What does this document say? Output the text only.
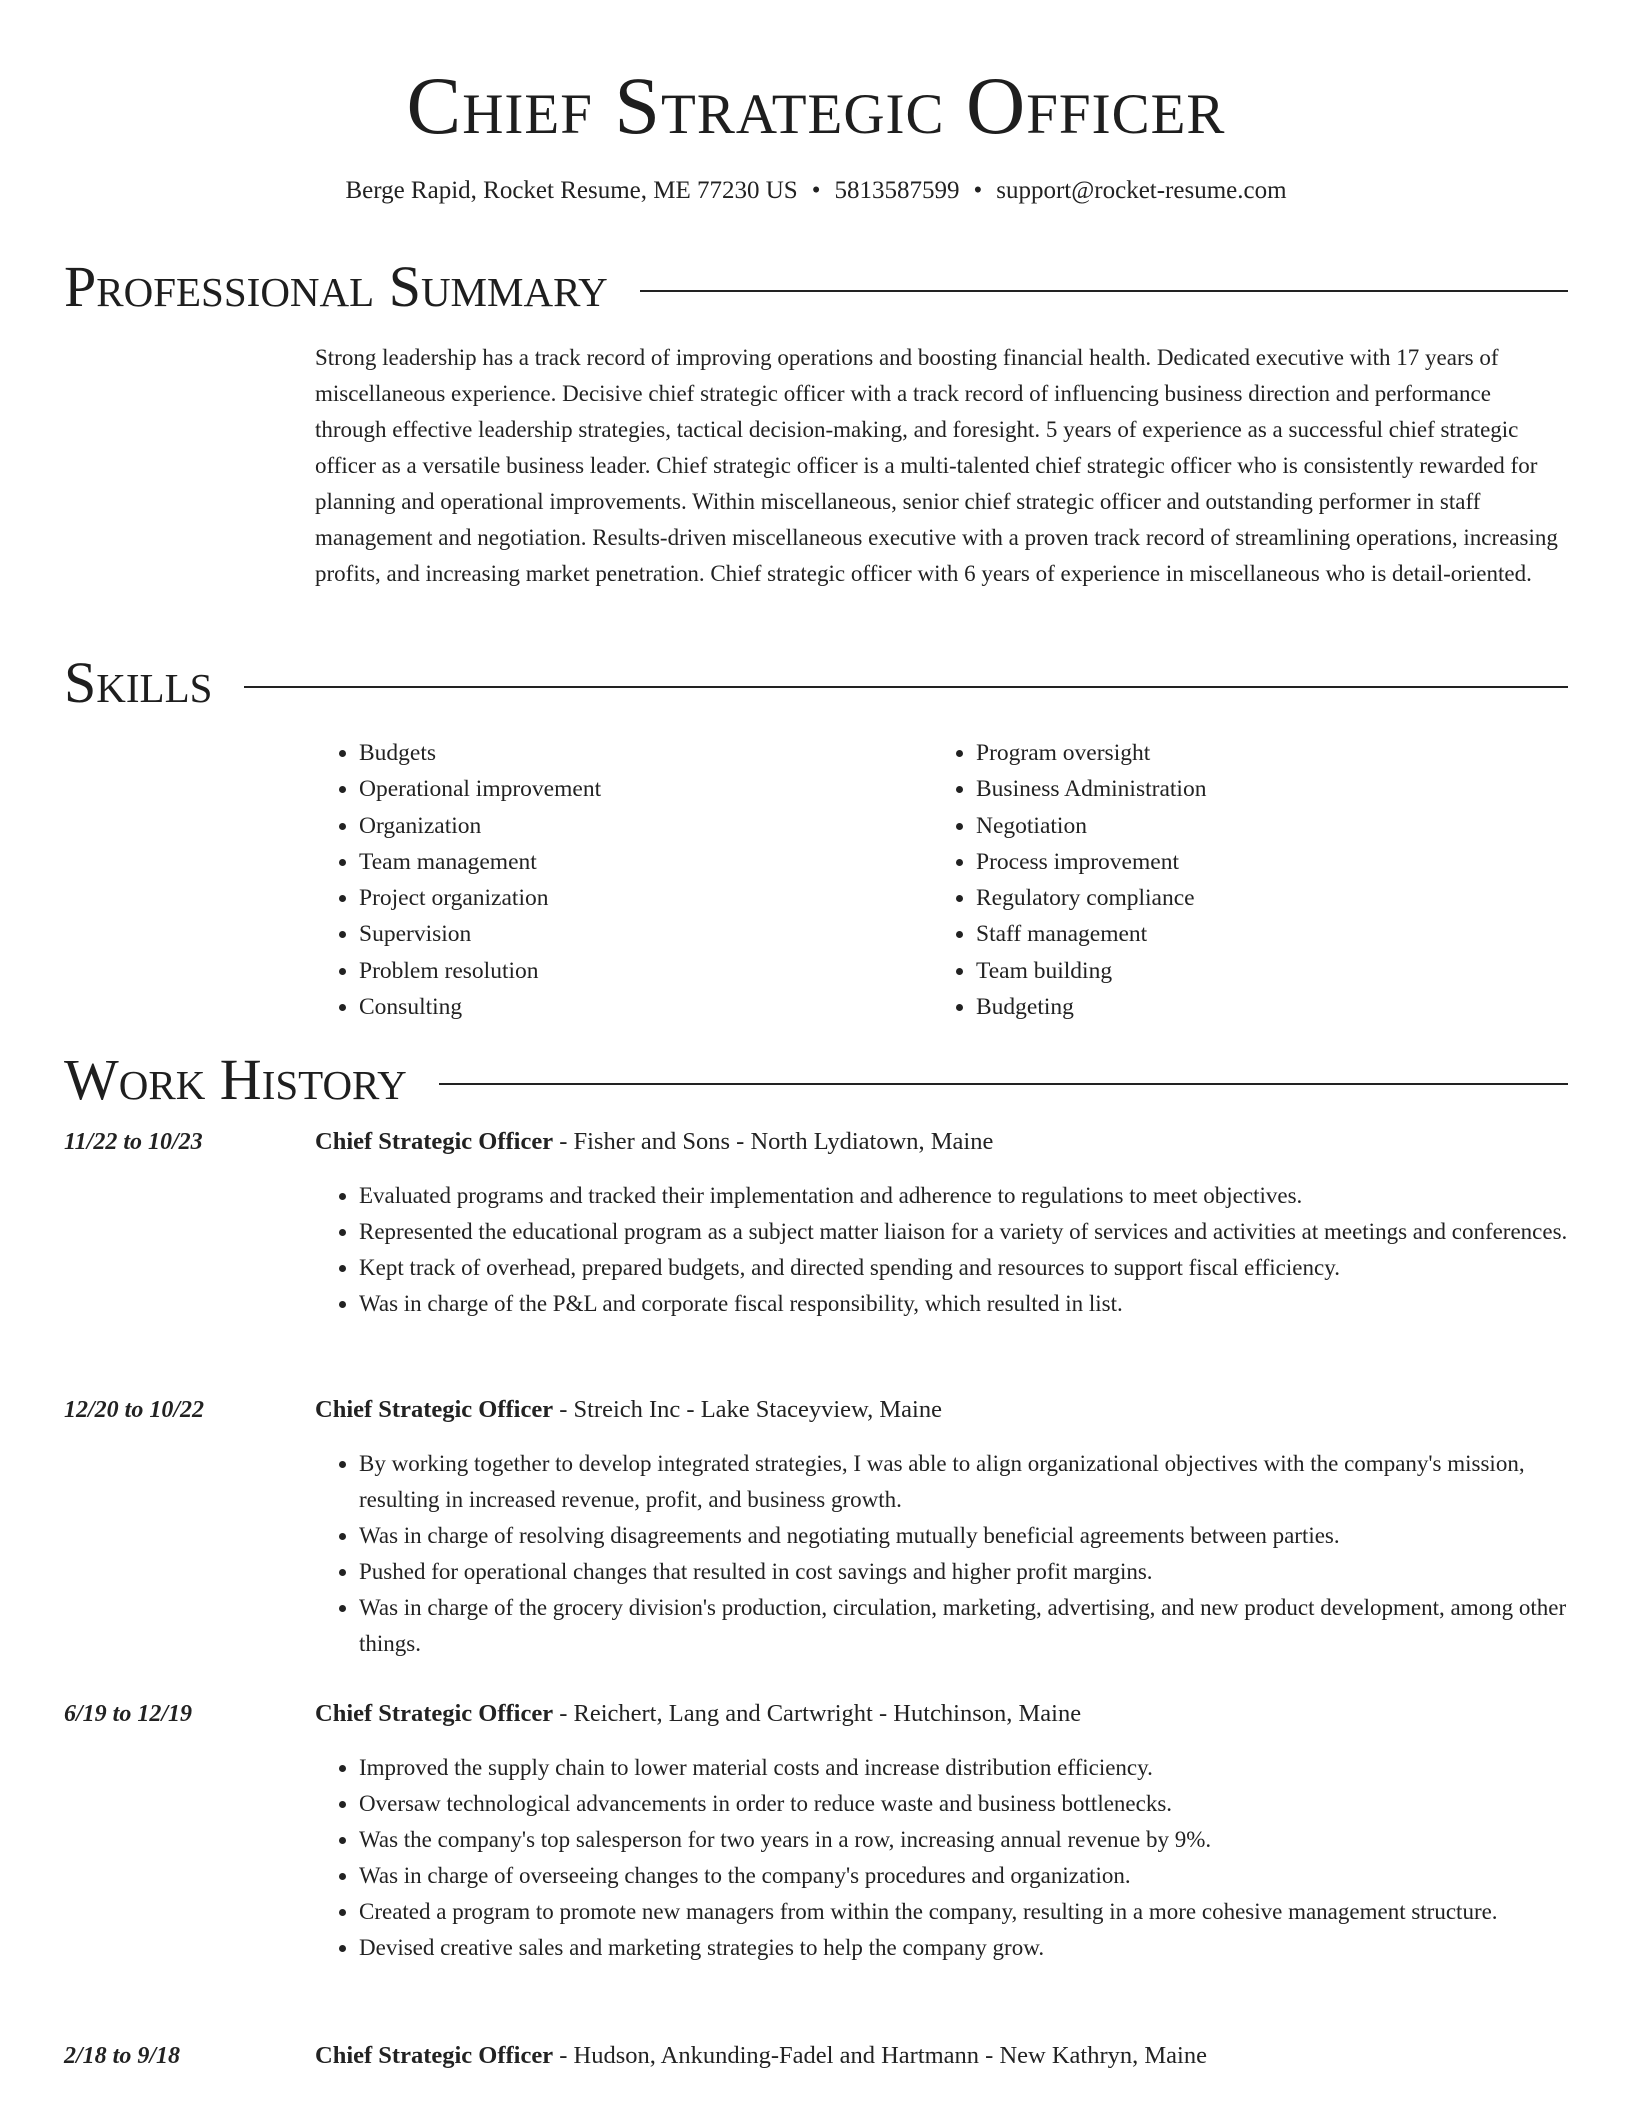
Chief Strategic Officer
Berge Rapid, Rocket Resume, ME 77230 US • 5813587599 • support@rocket-resume.com
Professional Summary

Strong leadership has a track record of improving operations and boosting financial health. Dedicated executive with 17 years of miscellaneous experience. Decisive chief strategic officer with a track record of influencing business direction and performance through effective leadership strategies, tactical decision-making, and foresight. 5 years of experience as a successful chief strategic officer as a versatile business leader. Chief strategic officer is a multi-talented chief strategic officer who is consistently rewarded for planning and operational improvements. Within miscellaneous, senior chief strategic officer and outstanding performer in staff management and negotiation. Results-driven miscellaneous executive with a proven track record of streamlining operations, increasing profits, and increasing market penetration. Chief strategic officer with 6 years of experience in miscellaneous who is detail-oriented.

Skills
• Budgets
• Operational improvement
• Organization
• Team management
• Project organization
• Supervision
• Problem resolution
• Consulting
• Program oversight
• Business Administration
• Negotiation
• Process improvement
• Regulatory compliance
• Staff management
• Team building
• Budgeting
Work History
11/22 to 10/23	Chief Strategic Officer - Fisher and Sons - North Lydiatown, Maine
• Evaluated programs and tracked their implementation and adherence to regulations to meet objectives.
• Represented the educational program as a subject matter liaison for a variety of services and activities at meetings and conferences.
• Kept track of overhead, prepared budgets, and directed spending and resources to support fiscal efficiency.
• Was in charge of the P&L and corporate fiscal responsibility, which resulted in list.
12/20 to 10/22	Chief Strategic Officer - Streich Inc - Lake Staceyview, Maine
• By working together to develop integrated strategies, I was able to align organizational objectives with the company's mission, resulting in increased revenue, profit, and business growth.
• Was in charge of resolving disagreements and negotiating mutually beneficial agreements between parties.
• Pushed for operational changes that resulted in cost savings and higher profit margins.
• Was in charge of the grocery division's production, circulation, marketing, advertising, and new product development, among other things.
6/19 to 12/19	Chief Strategic Officer - Reichert, Lang and Cartwright - Hutchinson, Maine
• Improved the supply chain to lower material costs and increase distribution efficiency.
• Oversaw technological advancements in order to reduce waste and business bottlenecks.
• Was the company's top salesperson for two years in a row, increasing annual revenue by 9%.
• Was in charge of overseeing changes to the company's procedures and organization.
• Created a program to promote new managers from within the company, resulting in a more cohesive management structure.
• Devised creative sales and marketing strategies to help the company grow.
2/18 to 9/18	Chief Strategic Officer - Hudson, Ankunding-Fadel and Hartmann - New Kathryn, Maine
